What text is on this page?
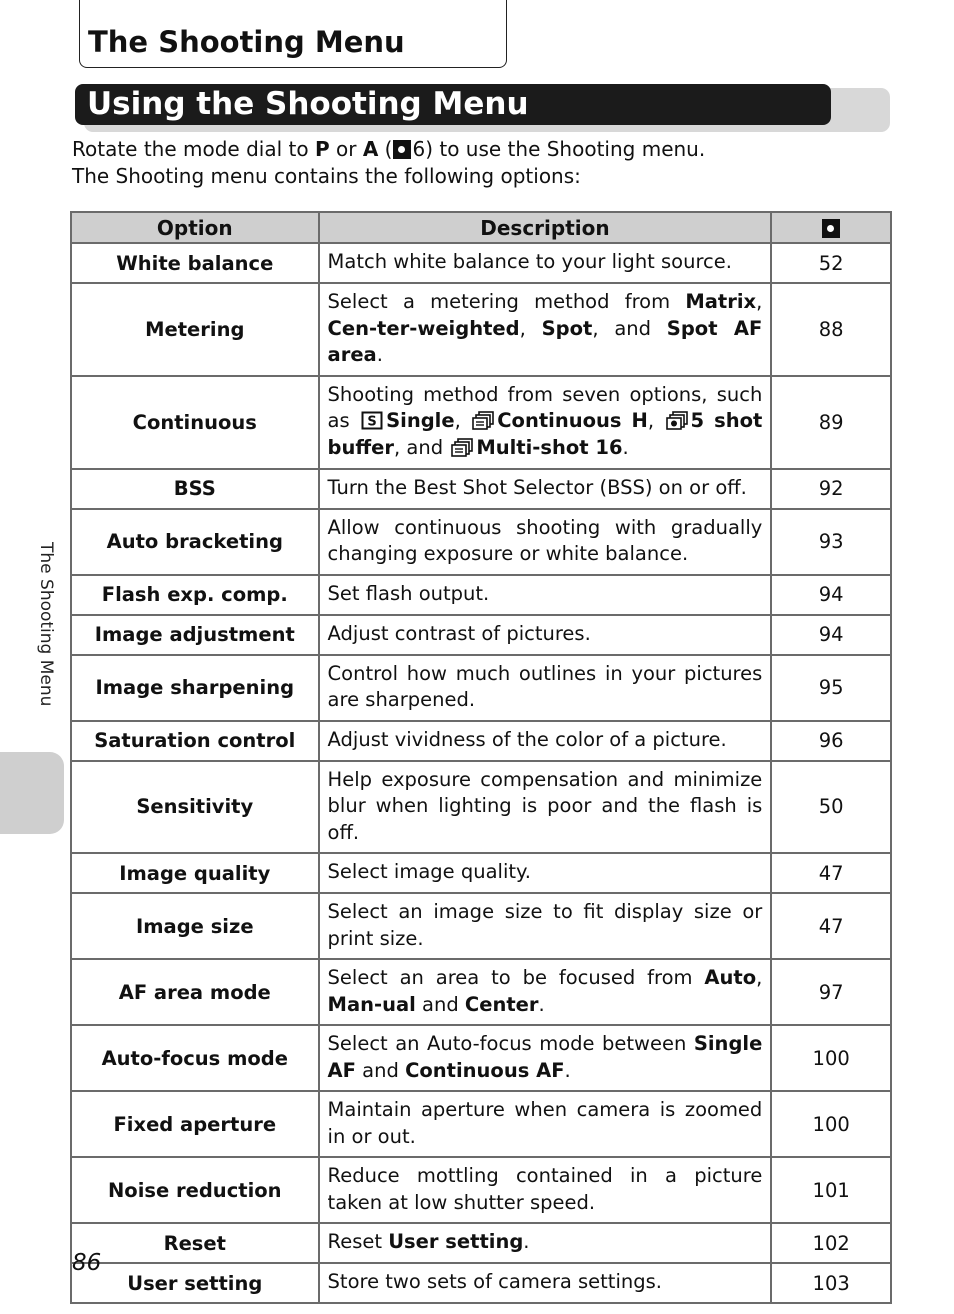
The Shooting Menu
Using the Shooting Menu

Rotate the mode dial to P or A ( 6) to use the Shooting menu.

The Shooting menu contains the following options:

Option	Description	
White balance	Match white balance to your light source.	52
Metering	Select a metering method from Matrix, Cen-ter-weighted, Spot, and Spot AF area.	88
Continuous	Shooting method from seven options, such as S Single, Continuous H, 5 shot buffer, and Multi-shot 16.	89
BSS	Turn the Best Shot Selector (BSS) on or off.	92
Auto bracketing	Allow continuous shooting with gradually changing exposure or white balance.	93
Flash exp. comp.	Set flash output.	94
Image adjustment	Adjust contrast of pictures.	94
Image sharpening	Control how much outlines in your pictures are sharpened.	95
Saturation control	Adjust vividness of the color of a picture.	96
Sensitivity	Help exposure compensation and minimize blur when lighting is poor and the flash is off.	50
Image quality	Select image quality.	47
Image size	Select an image size to fit display size or print size.	47
AF area mode	Select an area to be focused from Auto, Man-ual and Center.	97
Auto-focus mode	Select an Auto-focus mode between Single AF and Continuous AF.	100
Fixed aperture	Maintain aperture when camera is zoomed in or out.	100
Noise reduction	Reduce mottling contained in a picture taken at low shutter speed.	101
Reset	Reset User setting.	102
User setting	Store two sets of camera settings.	103
The Shooting Menu
86
